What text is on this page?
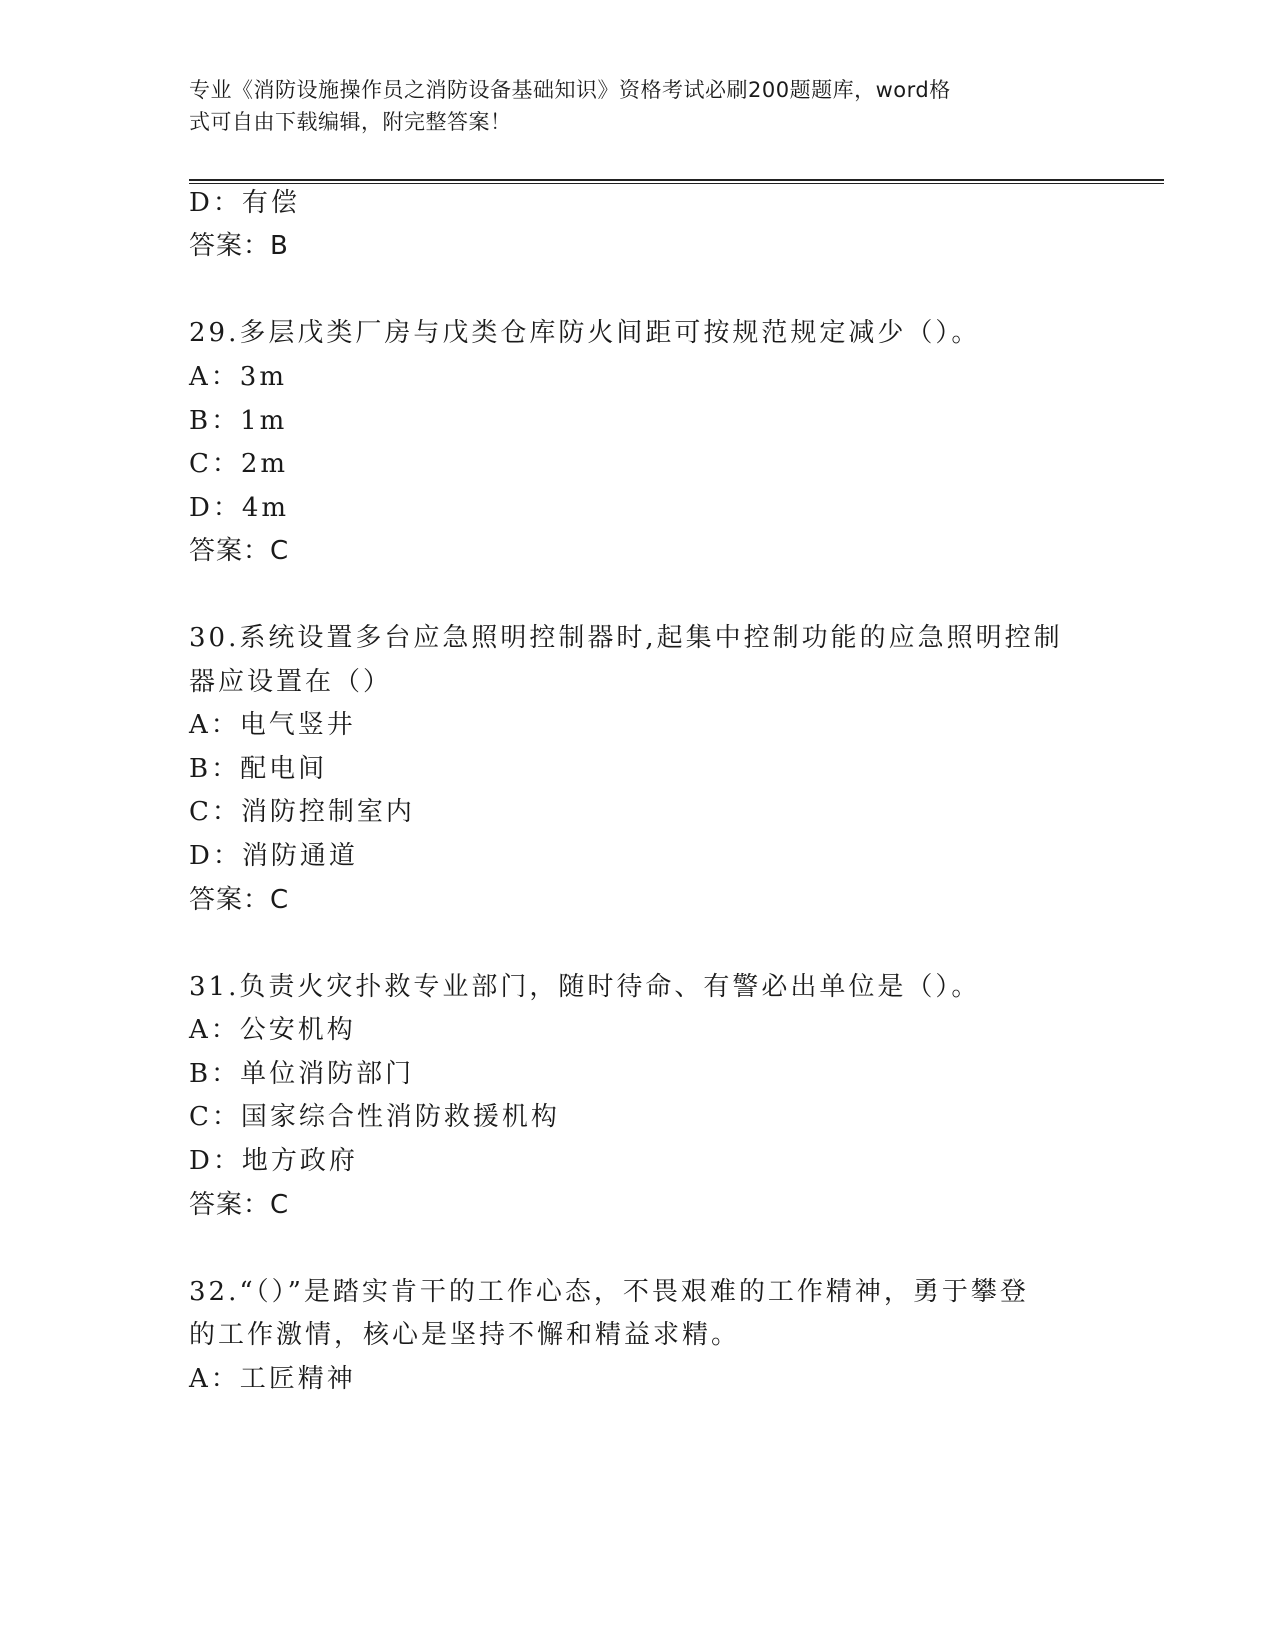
专业《消防设施操作员之消防设备基础知识》资格考试必刷200题题库，word格
式可自由下载编辑，附完整答案！
D：有偿
答案：B
29.多层戊类厂房与戊类仓库防火间距可按规范规定减少（）。
A：3m
B：1m
C：2m
D：4m
答案：C
30.系统设置多台应急照明控制器时,起集中控制功能的应急照明控制
器应设置在（）
A：电气竖井
B：配电间
C：消防控制室内
D：消防通道
答案：C
31.负责火灾扑救专业部门，随时待命、有警必出单位是（）。
A：公安机构
B：单位消防部门
C：国家综合性消防救援机构
D：地方政府
答案：C
32.“（）”是踏实肯干的工作心态，不畏艰难的工作精神，勇于攀登
的工作激情，核心是坚持不懈和精益求精。
A：工匠精神
